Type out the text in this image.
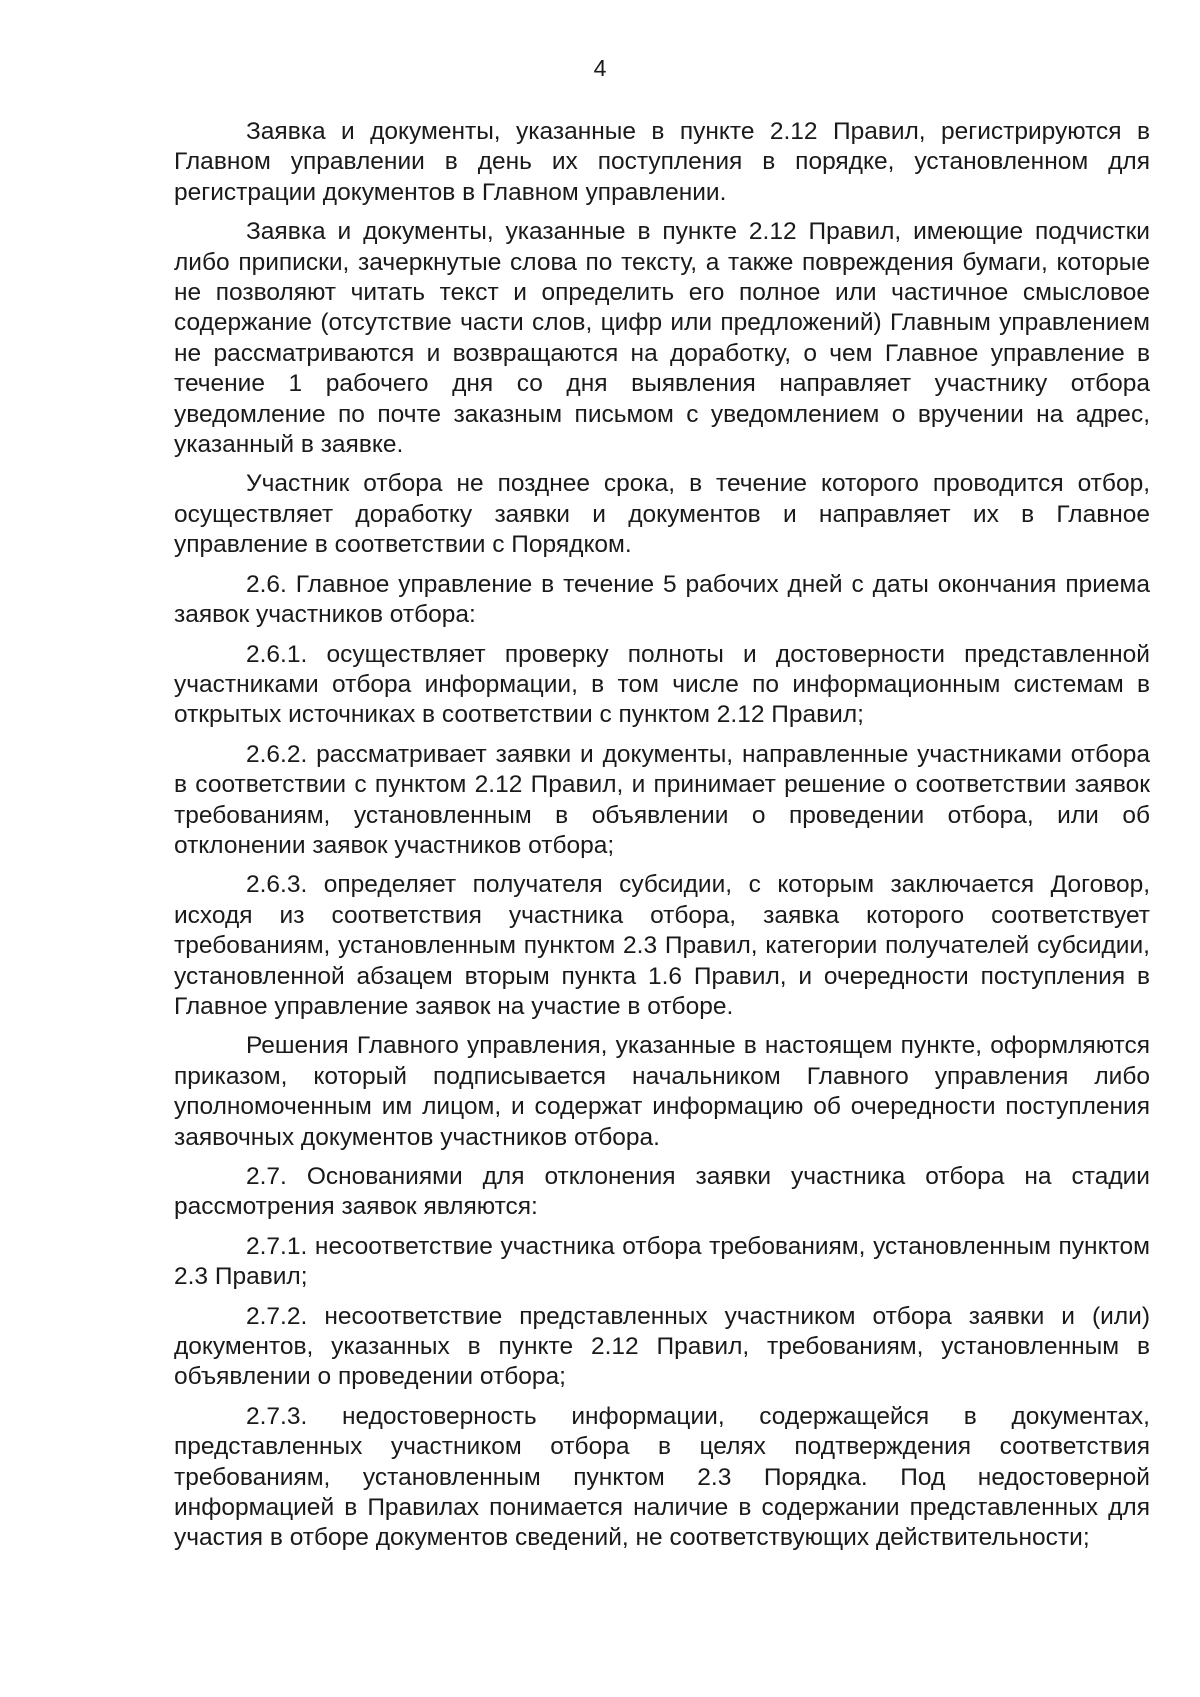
4

Заявка и документы, указанные в пункте 2.12 Правил, регистрируются в Главном управлении в день их поступления в порядке, установленном для регистрации документов в Главном управлении.

Заявка и документы, указанные в пункте 2.12 Правил, имеющие подчистки либо приписки, зачеркнутые слова по тексту, а также повреждения бумаги, которые не позволяют читать текст и определить его полное или частичное смысловое содержание (отсутствие части слов, цифр или предложений) Главным управлением не рассматриваются и возвращаются на доработку, о чем Главное управление в течение 1 рабочего дня со дня выявления направляет участнику отбора уведомление по почте заказным письмом с уведомлением о вручении на адрес, указанный в заявке.

Участник отбора не позднее срока, в течение которого проводится отбор, осуществляет доработку заявки и документов и направляет их в Главное управление в соответствии с Порядком.

2.6. Главное управление в течение 5 рабочих дней с даты окончания приема заявок участников отбора:

2.6.1. осуществляет проверку полноты и достоверности представленной участниками отбора информации, в том числе по информационным системам в открытых источниках в соответствии с пунктом 2.12 Правил;

2.6.2. рассматривает заявки и документы, направленные участниками отбора в соответствии с пунктом 2.12 Правил, и принимает решение о соответствии заявок требованиям, установленным в объявлении о проведении отбора, или об отклонении заявок участников отбора;

2.6.3. определяет получателя субсидии, с которым заключается Договор, исходя из соответствия участника отбора, заявка которого соответствует требованиям, установленным пунктом 2.3 Правил, категории получателей субсидии, установленной абзацем вторым пункта 1.6 Правил, и очередности поступления в Главное управление заявок на участие в отборе.

Решения Главного управления, указанные в настоящем пункте, оформляются приказом, который подписывается начальником Главного управления либо уполномоченным им лицом, и содержат информацию об очередности поступления заявочных документов участников отбора.

2.7. Основаниями для отклонения заявки участника отбора на стадии рассмотрения заявок являются:

2.7.1. несоответствие участника отбора требованиям, установленным пунктом 2.3 Правил;

2.7.2. несоответствие представленных участником отбора заявки и (или) документов, указанных в пункте 2.12 Правил, требованиям, установленным в объявлении о проведении отбора;

2.7.3. недостоверность информации, содержащейся в документах, представленных участником отбора в целях подтверждения соответствия требованиям, установленным пунктом 2.3 Порядка. Под недостоверной информацией в Правилах понимается наличие в содержании представленных для участия в отборе документов сведений, не соответствующих действительности;
